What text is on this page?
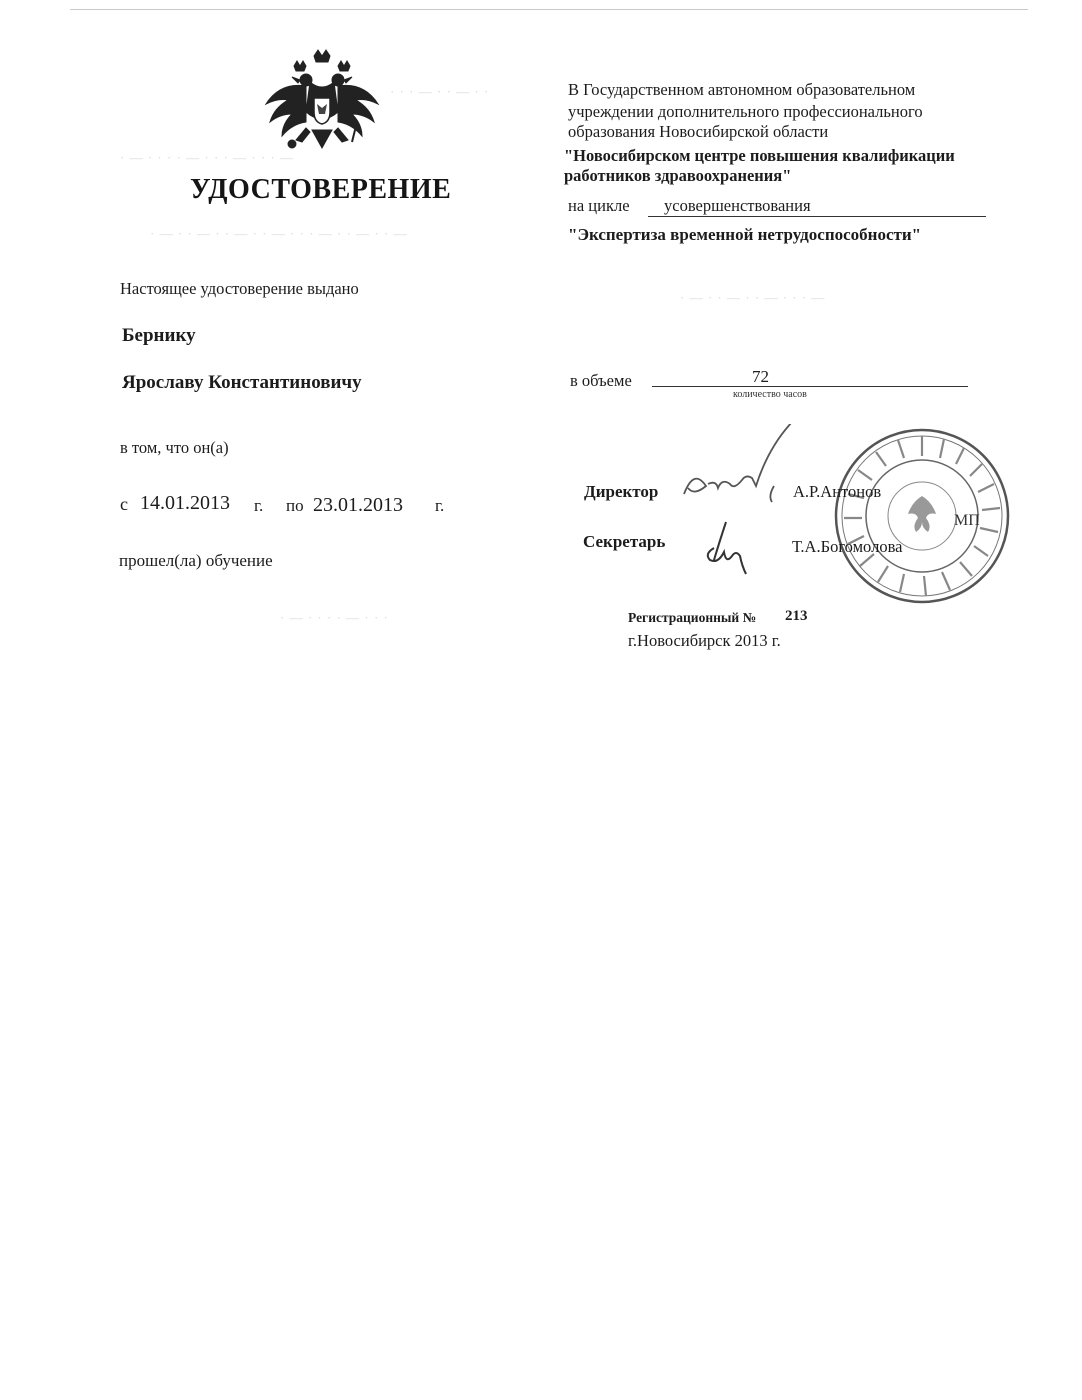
· · · — · · — · ·
· — · · · · — · · · — · · · —
· — · · — · · — · · — · · · — · · — · · —
· — · · — · · — · · · —
· — · · · · — · · ·
УДОСТОВЕРЕНИЕ
В Государственном автономном образовательном
учреждении дополнительного профессионального
образования Новосибирской области
"Новосибирском центре повышения квалификации
работников здравоохранения"
на цикле	усовершенствования
"Экспертиза временной нетрудоспособности"
Настоящее удостоверение выдано
Бернику
Ярославу Константиновичу
в том, что он(а)
с 14.01.2013 г. по 23.01.2013 г.
прошел(ла) обучение
в объеме	72
количество часов
МП
Директор	А.Р.Антонов
Секретарь	Т.А.Богомолова
Регистрационный № 213
г.Новосибирск 2013 г.
